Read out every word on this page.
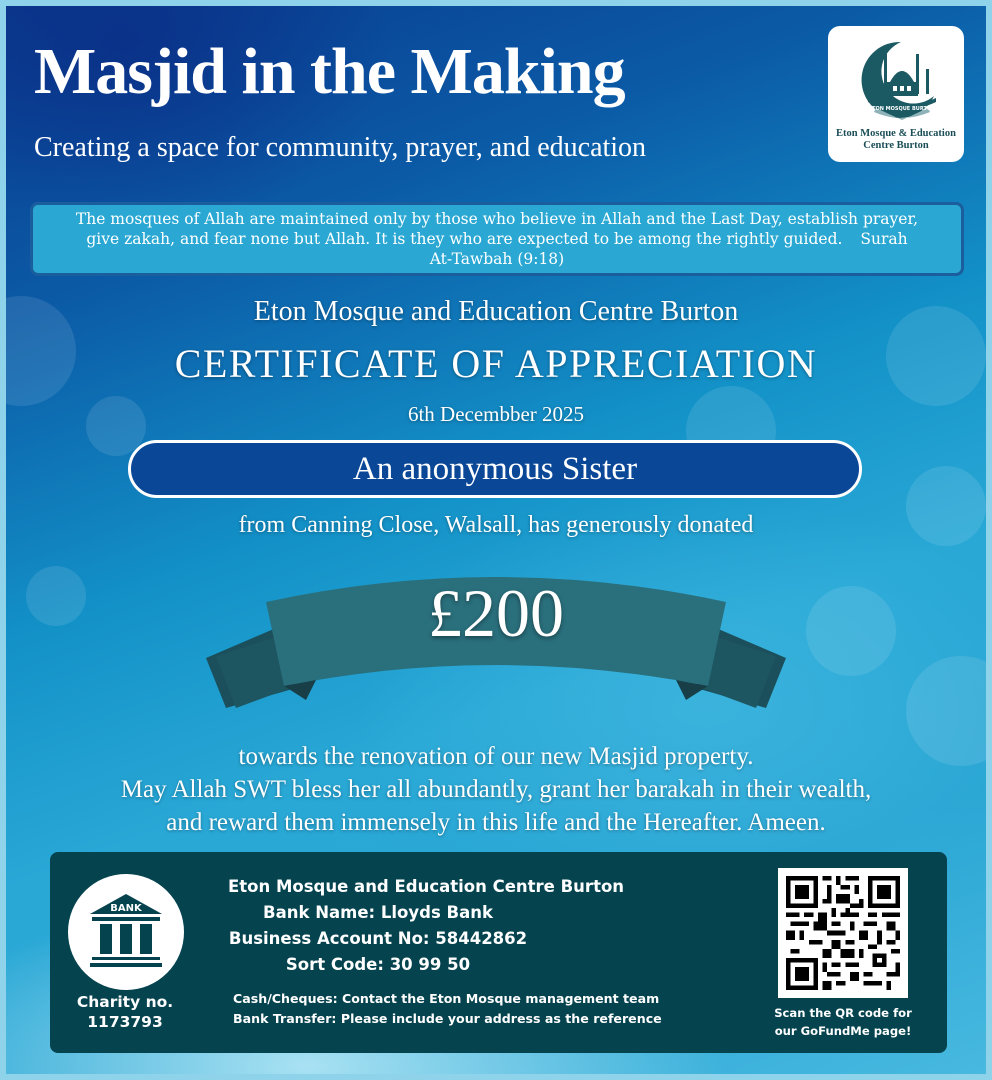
Masjid in the Making
Creating a space for community, prayer, and education
ETON MOSQUE BURTON
Eton Mosque & Education
Centre Burton
The mosques of Allah are maintained only by those who believe in Allah and the Last Day, establish prayer, give zakah, and fear none but Allah. It is they who are expected to be among the rightly guided. Surah At-Tawbah (9:18)
Eton Mosque and Education Centre Burton
CERTIFICATE OF APPRECIATION
6th Decembber 2025
An anonymous Sister
from Canning Close, Walsall, has generously donated
£200
towards the renovation of our new Masjid property.
May Allah SWT bless her all abundantly, grant her barakah in their wealth,
and reward them immensely in this life and the Hereafter. Ameen.
BANK
Charity no.
1173793
Eton Mosque and Education Centre Burton
Bank Name: Lloyds Bank
Business Account No: 58442862
Sort Code: 30 99 50
Cash/Cheques: Contact the Eton Mosque management team
Bank Transfer: Please include your address as the reference	Scan the QR code for
our GoFundMe page!
